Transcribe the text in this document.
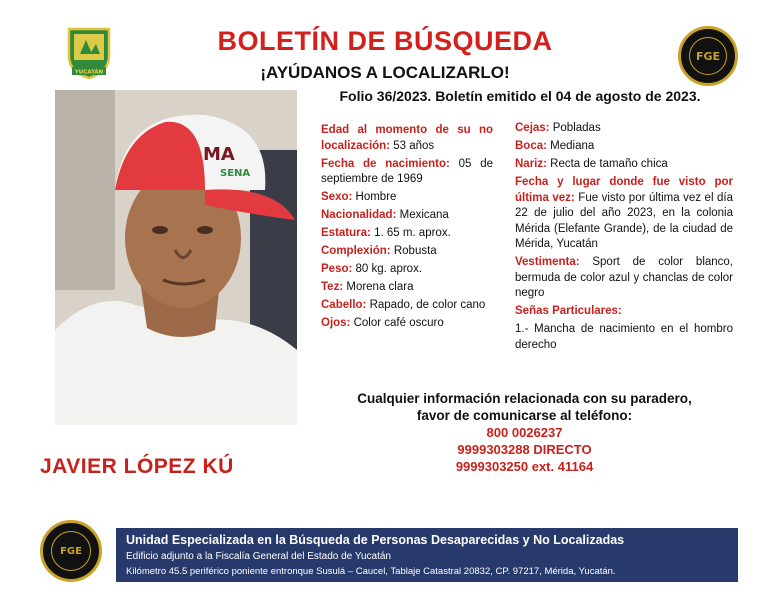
YUCATÁN
FGE
BOLETÍN DE BÚSQUEDA
¡AYÚDANOS A LOCALIZARLO!
Folio 36/2023. Boletín emitido el 04 de agosto de 2023.
MA
SENA
JAVIER LÓPEZ KÚ

Edad al momento de su no localización: 53 años

Fecha de nacimiento: 05 de septiembre de 1969

Sexo: Hombre

Nacionalidad: Mexicana

Estatura: 1. 65 m. aprox.

Complexión: Robusta

Peso: 80 kg. aprox.

Tez: Morena clara

Cabello: Rapado, de color cano

Ojos: Color café oscuro

Cejas: Pobladas

Boca: Mediana

Nariz: Recta de tamaño chica

Fecha y lugar donde fue visto por última vez: Fue visto por última vez el día 22 de julio del año 2023, en la colonia Mérida (Elefante Grande), de la ciudad de Mérida, Yucatán

Vestimenta: Sport de color blanco, bermuda de color azul y chanclas de color negro

Señas Particulares:

1.- Mancha de nacimiento en el hombro derecho

Cualquier información relacionada con su paradero,
favor de comunicarse al teléfono:
800 0026237
9999303288 DIRECTO
9999303250 ext. 41164
FGE
Unidad Especializada en la Búsqueda de Personas Desaparecidas y No Localizadas
Edificio adjunto a la Fiscalía General del Estado de Yucatán
Kilómetro 45.5 periférico poniente entronque Susulá – Caucel, Tablaje Catastral 20832, CP. 97217, Mérida, Yucatán.
